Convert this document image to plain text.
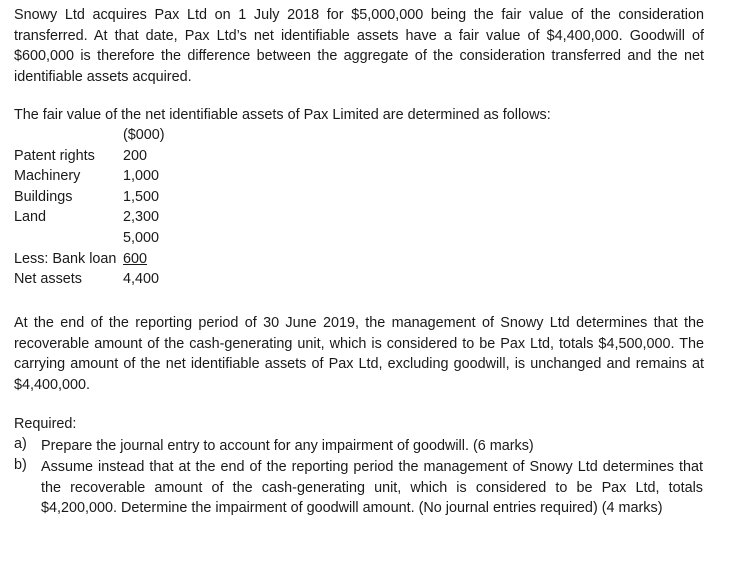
Snowy Ltd acquires Pax Ltd on 1 July 2018 for $5,000,000 being the fair value of the consideration transferred. At that date, Pax Ltd’s net identifiable assets have a fair value of $4,400,000. Goodwill of $600,000 is therefore the difference between the aggregate of the consideration transferred and the net identifiable assets acquired.

The fair value of the net identifiable assets of Pax Limited are determined as follows:
($000)
Patent rights 200
Machinery	1,000
Buildings	1,500
Land	2,300
5,000
Less: Bank loan 600
Net assets	4,400

At the end of the reporting period of 30 June 2019, the management of Snowy Ltd determines that the recoverable amount of the cash-generating unit, which is considered to be Pax Ltd, totals $4,500,000. The carrying amount of the net identifiable assets of Pax Ltd, excluding goodwill, is unchanged and remains at $4,400,000.

Required:
a) Prepare the journal entry to account for any impairment of goodwill. (6 marks)

b) Assume instead that at the end of the reporting period the management of Snowy Ltd determines that the recoverable amount of the cash-generating unit, which is considered to be Pax Ltd, totals $4,200,000. Determine the impairment of goodwill amount. (No journal entries required) (4 marks)
